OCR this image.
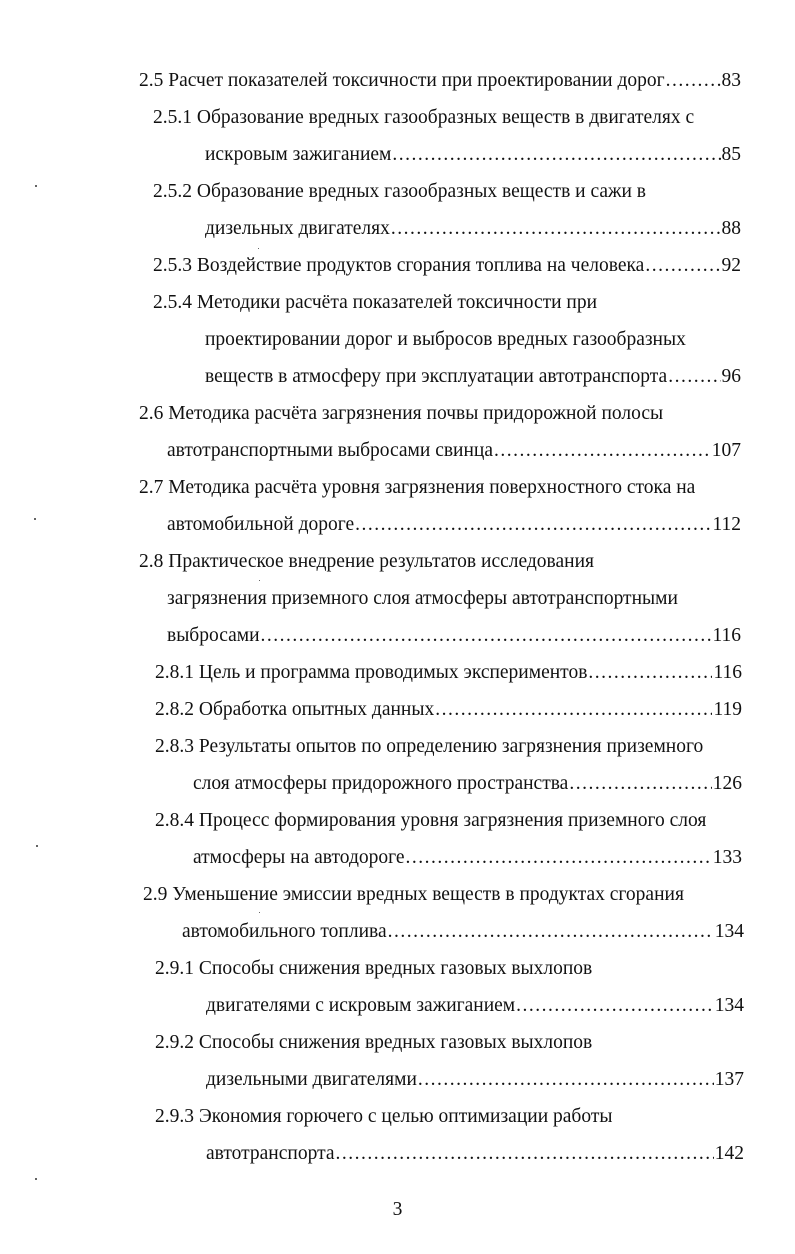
2.5 Расчет показателей токсичности при проектировании дорог .....	83
2.5.1 Образование вредных газообразных веществ в двигателях с
искровым зажиганием .....	85
2.5.2 Образование вредных газообразных веществ и сажи в
дизельных двигателях .....	88
2.5.3 Воздействие продуктов сгорания топлива на человека .....	92
2.5.4 Методики расчёта показателей токсичности при
проектировании дорог и выбросов вредных газообразных
веществ в атмосферу при эксплуатации автотранспорта .....	96
2.6 Методика расчёта загрязнения почвы придорожной полосы
автотранспортными выбросами свинца .....	107
2.7 Методика расчёта уровня загрязнения поверхностного стока на
автомобильной дороге .....	112
2.8 Практическое внедрение результатов исследования
загрязнения приземного слоя атмосферы автотранспортными
выбросами .....	116
2.8.1 Цель и программа проводимых экспериментов .....	116
2.8.2 Обработка опытных данных .....	119
2.8.3 Результаты опытов по определению загрязнения приземного
слоя атмосферы придорожного пространства .....	126
2.8.4 Процесс формирования уровня загрязнения приземного слоя
атмосферы на автодороге .....	133
2.9 Уменьшение эмиссии вредных веществ в продуктах сгорания
автомобильного топлива .....	134
2.9.1 Способы снижения вредных газовых выхлопов
двигателями с искровым зажиганием .....	134
2.9.2 Способы снижения вредных газовых выхлопов
дизельными двигателями .....	137
2.9.3 Экономия горючего с целью оптимизации работы
автотранспорта .....	142
3
